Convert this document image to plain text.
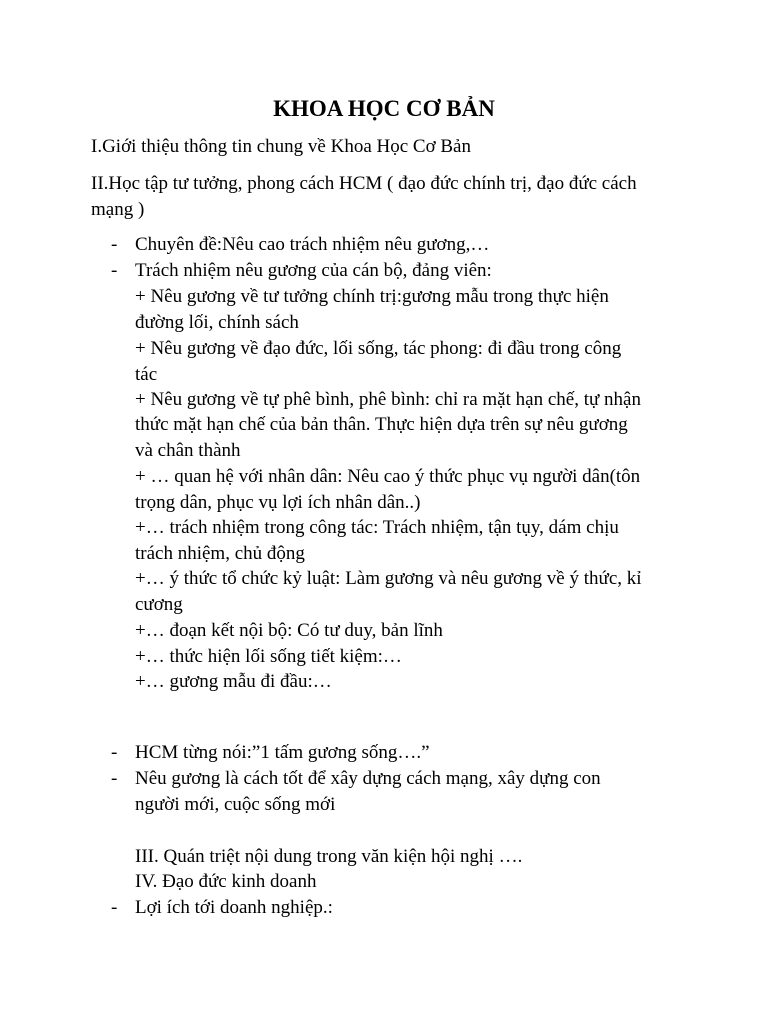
KHOA HỌC CƠ BẢN
I.Giới thiệu thông tin chung về Khoa Học Cơ Bản
II.Học tập tư tưởng, phong cách HCM ( đạo đức chính trị, đạo đức cách
mạng )
- Chuyên đề:Nêu cao trách nhiệm nêu gương,…
- Trách nhiệm nêu gương của cán bộ, đảng viên:
+ Nêu gương về tư tưởng chính trị:gương mẫu trong thực hiện
đường lối, chính sách
+ Nêu gương về đạo đức, lối sống, tác phong: đi đầu trong công
tác
+ Nêu gương về tự phê bình, phê bình: chỉ ra mặt hạn chế, tự nhận
thức mặt hạn chế của bản thân. Thực hiện dựa trên sự nêu gương
và chân thành
+ … quan hệ với nhân dân: Nêu cao ý thức phục vụ người dân(tôn
trọng dân, phục vụ lợi ích nhân dân..)
+… trách nhiệm trong công tác: Trách nhiệm, tận tụy, dám chịu
trách nhiệm, chủ động
+… ý thức tổ chức kỷ luật: Làm gương và nêu gương về ý thức, kỉ
cương
+… đoạn kết nội bộ: Có tư duy, bản lĩnh
+… thức hiện lối sống tiết kiệm:…
+… gương mẫu đi đầu:…
- HCM từng nói:”1 tấm gương sống….”
- Nêu gương là cách tốt để xây dựng cách mạng, xây dựng con
người mới, cuộc sống mới
III. Quán triệt nội dung trong văn kiện hội nghị ….
IV. Đạo đức kinh doanh
- Lợi ích tới doanh nghiệp.:
